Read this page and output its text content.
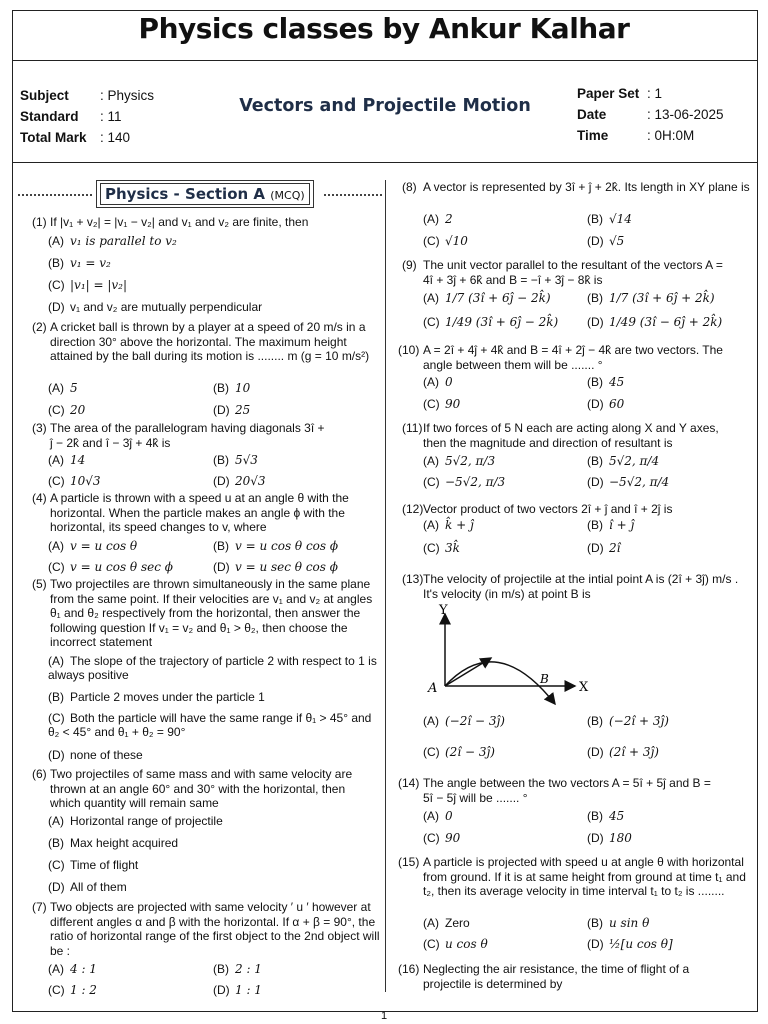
Physics classes by Ankur Kalhar
Subject : Physics
Standard : 11
Total Mark : 140
Vectors and Projectile Motion
Paper Set : 1
Date	: 13-06-2025
Time	: 0H:0M
Physics - Section A (MCQ)
(1) If |v₁ + v₂| = |v₁ − v₂| and v₁ and v₂ are finite, then
(A) v₁ is parallel to v₂
(B) v₁ = v₂
(C) |v₁| = |v₂|
(D) v₁ and v₂ are mutually perpendicular
(2) A cricket ball is thrown by a player at a speed of 20 m/s in a direction 30° above the horizontal. The maximum height attained by the ball during its motion is ........ m (g = 10 m/s²)
(A) 5	(B) 10
(C) 20	(D) 25
(3) The area of the parallelogram having diagonals 3î + ĵ − 2k̂ and î − 3ĵ + 4k̂ is
(A) 14	(B) 5√3
(C) 10√3	(D) 20√3
(4) A particle is thrown with a speed u at an angle θ with the horizontal. When the particle makes an angle ϕ with the horizontal, its speed changes to v, where
(A) v = u cos θ	(B) v = u cos θ cos ϕ
(C) v = u cos θ sec ϕ	(D) v = u sec θ cos ϕ
(5) Two projectiles are thrown simultaneously in the same plane from the same point. If their velocities are v₁ and v₂ at angles θ₁ and θ₂ respectively from the horizontal, then answer the following question If v₁ = v₂ and θ₁ > θ₂, then choose the incorrect statement
(A) The slope of the trajectory of particle 2 with respect to 1 is always positive
(B) Particle 2 moves under the particle 1
(C) Both the particle will have the same range if θ₁ > 45° and θ₂ < 45° and θ₁ + θ₂ = 90°
(D) none of these
(6) Two projectiles of same mass and with same velocity are thrown at an angle 60° and 30° with the horizontal, then which quantity will remain same
(A) Horizontal range of projectile
(B) Max height acquired
(C) Time of flight
(D) All of them
(7) Two objects are projected with same velocity ′ u ′ however at different angles α and β with the horizontal. If α + β = 90°, the ratio of horizontal range of the first object to the 2nd object will be :
(A) 4 : 1	(B) 2 : 1
(C) 1 : 2	(D) 1 : 1
(8) A vector is represented by 3î + ĵ + 2k̂. Its length in XY plane is
(A) 2	(B) √14
(C) √10	(D) √5
(9) The unit vector parallel to the resultant of the vectors A = 4î + 3ĵ + 6k̂ and B = −î + 3ĵ − 8k̂ is
(A) 1/7 (3î + 6ĵ − 2k̂)	(B) 1/7 (3î + 6ĵ + 2k̂)
(C) 1/49 (3î + 6ĵ − 2k̂) (D) 1/49 (3î − 6ĵ + 2k̂)
(10) A = 2î + 4ĵ + 4k̂ and B = 4î + 2ĵ − 4k̂ are two vectors. The angle between them will be ....... °
(A) 0	(B) 45
(C) 90	(D) 60
(11) If two forces of 5 N each are acting along X and Y axes, then the magnitude and direction of resultant is
(A) 5√2, π/3	(B) 5√2, π/4
(C) −5√2, π/3	(D) −5√2, π/4
(12) Vector product of two vectors 2î + ĵ and î + 2ĵ is
(A) k̂ + ĵ	(B) î + ĵ
(C) 3k̂	(D) 2î
(13) The velocity of projectile at the intial point A is (2î + 3ĵ) m/s . It's velocity (in m/s) at point B is
Y
X
A
B
(A) (−2î − 3ĵ)	(B) (−2î + 3ĵ)
(C) (2î − 3ĵ)	(D) (2î + 3ĵ)
(14) The angle between the two vectors A = 5î + 5ĵ and B = 5î − 5ĵ will be ....... °
(A) 0	(B) 45
(C) 90	(D) 180
(15) A particle is projected with speed u at angle θ with horizontal from ground. If it is at same height from ground at time t₁ and t₂, then its average velocity in time interval t₁ to t₂ is ........
(A) Zero	(B) u sin θ
(C) u cos θ	(D) ½[u cos θ]
(16) Neglecting the air resistance, the time of flight of a projectile is determined by
1
